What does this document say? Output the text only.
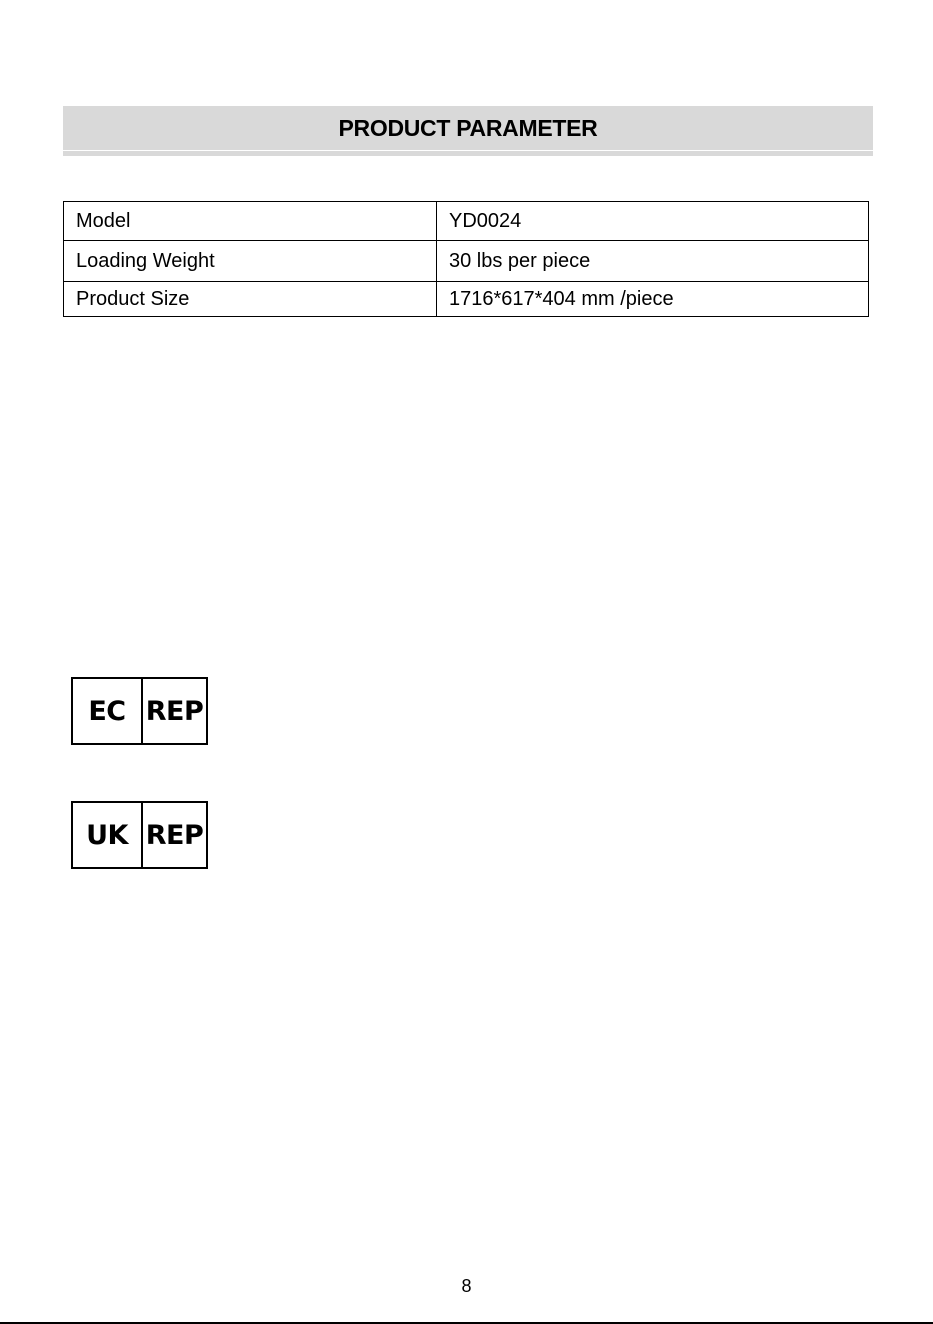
PRODUCT PARAMETER
Model	YD0024
Loading Weight	30 lbs per piece
Product Size	1716*617*404 mm /piece
EC REP
UK REP
8
